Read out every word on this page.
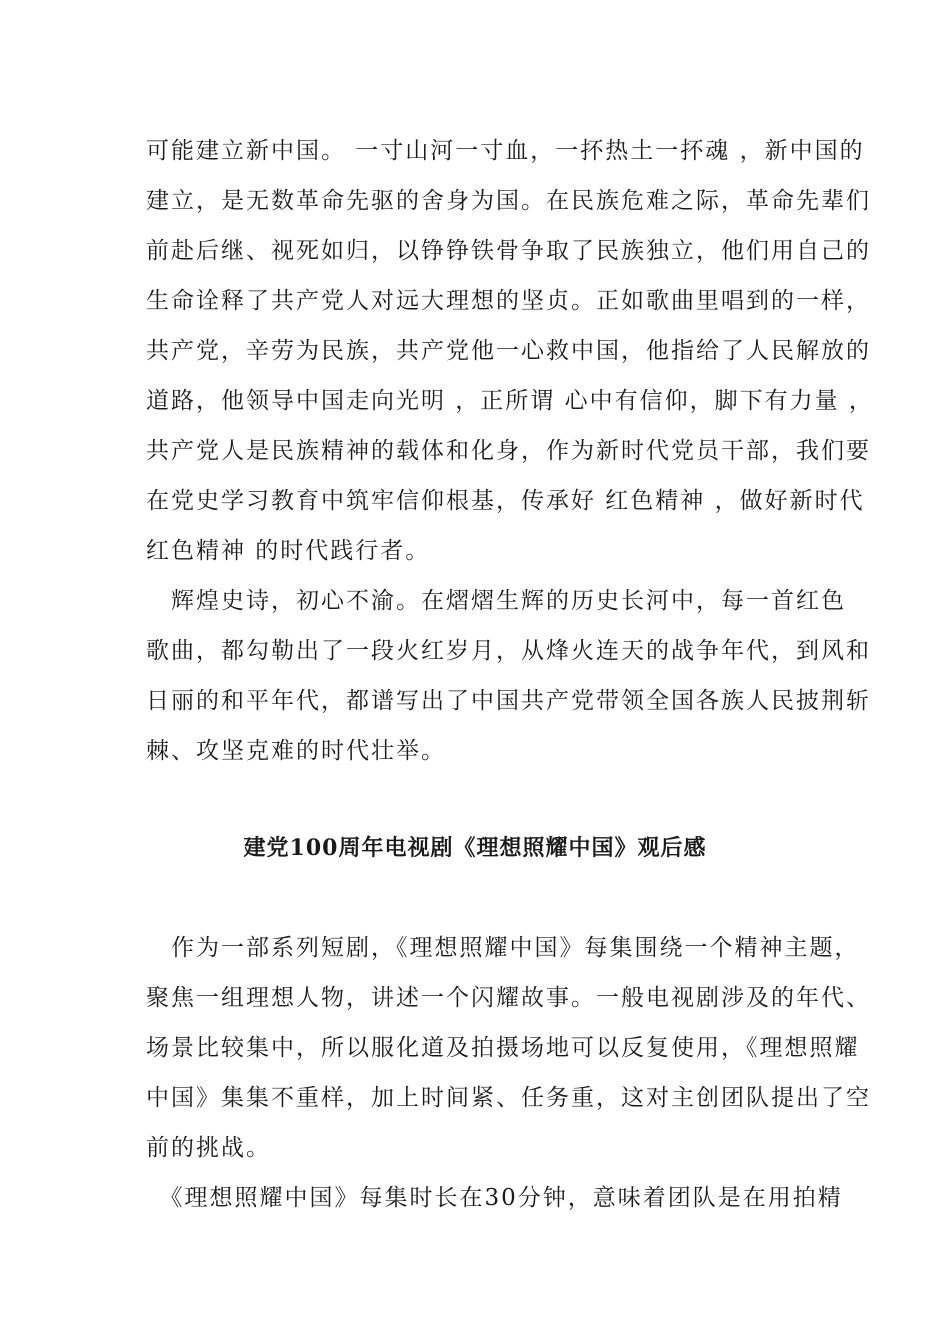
可能建立新中国。 一寸山河一寸血，一抔热土一抔魂 ，新中国的
建立，是无数革命先驱的舍身为国。在民族危难之际，革命先辈们
前赴后继、视死如归，以铮铮铁骨争取了民族独立，他们用自己的
生命诠释了共产党人对远大理想的坚贞。正如歌曲里唱到的一样，
共产党，辛劳为民族，共产党他一心救中国，他指给了人民解放的
道路，他领导中国走向光明 ，正所谓 心中有信仰，脚下有力量 ，
共产党人是民族精神的载体和化身，作为新时代党员干部，我们要
在党史学习教育中筑牢信仰根基，传承好 红色精神 ，做好新时代
红色精神 的时代践行者。
　辉煌史诗，初心不渝。在熠熠生辉的历史长河中，每一首红色
歌曲，都勾勒出了一段火红岁月，从烽火连天的战争年代，到风和
日丽的和平年代，都谱写出了中国共产党带领全国各族人民披荆斩
棘、攻坚克难的时代壮举。
建党100周年电视剧《理想照耀中国》观后感
　作为一部系列短剧，《理想照耀中国》每集围绕一个精神主题，
聚焦一组理想人物，讲述一个闪耀故事。一般电视剧涉及的年代、
场景比较集中，所以服化道及拍摄场地可以反复使用，《理想照耀
中国》集集不重样，加上时间紧、任务重，这对主创团队提出了空
前的挑战。
　《理想照耀中国》每集时长在30分钟，意味着团队是在用拍精
